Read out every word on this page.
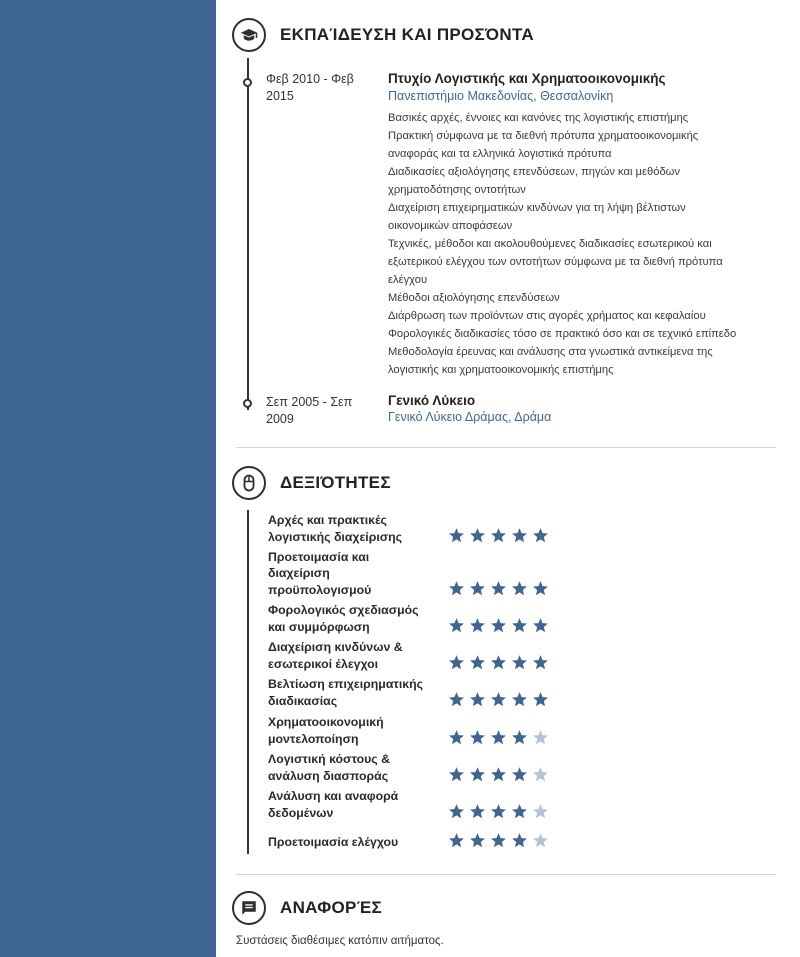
ΕΚΠΑΊΔΕΥΣΗ ΚΑΙ ΠΡΟΣΌΝΤΑ
Φεβ 2010 - Φεβ
2015
Πτυχίο Λογιστικής και Χρηματοοικονομικής
Πανεπιστήμιο Μακεδονίας, Θεσσαλονίκη
Βασικές αρχές, έννοιες και κανόνες της λογιστικής επιστήμης
Πρακτική σύμφωνα με τα διεθνή πρότυπα χρηματοοικονομικής
αναφοράς και τα ελληνικά λογιστικά πρότυπα
Διαδικασίες αξιολόγησης επενδύσεων, πηγών και μεθόδων
χρηματοδότησης οντοτήτων
Διαχείριση επιχειρηματικών κινδύνων για τη λήψη βέλτιστων
οικονομικών αποφάσεων
Τεχνικές, μέθοδοι και ακολουθούμενες διαδικασίες εσωτερικού και
εξωτερικού ελέγχου των οντοτήτων σύμφωνα με τα διεθνή πρότυπα
ελέγχου
Μέθοδοι αξιολόγησης επενδύσεων
Διάρθρωση των προϊόντων στις αγορές χρήματος και κεφαλαίου
Φορολογικές διαδικασίες τόσο σε πρακτικό όσο και σε τεχνικό επίπεδο
Μεθοδολογία έρευνας και ανάλυσης στα γνωστικά αντικείμενα της
λογιστικής και χρηματοοικονομικής επιστήμης
Σεπ 2005 - Σεπ
2009
Γενικό Λύκειο
Γενικό Λύκειο Δράμας, Δράμα
ΔΕΞΙΌΤΗΤΕΣ
Αρχές και πρακτικές
λογιστικής διαχείρισης
Προετοιμασία και
διαχείριση
προϋπολογισμού
Φορολογικός σχεδιασμός
και συμμόρφωση
Διαχείριση κινδύνων &
εσωτερικοί έλεγχοι
Βελτίωση επιχειρηματικής
διαδικασίας
Χρηματοοικονομική
μοντελοποίηση
Λογιστική κόστους &
ανάλυση διασποράς
Ανάλυση και αναφορά
δεδομένων
Προετοιμασία ελέγχου
ΑΝΑΦΟΡΈΣ
Συστάσεις διαθέσιμες κατόπιν αιτήματος.
